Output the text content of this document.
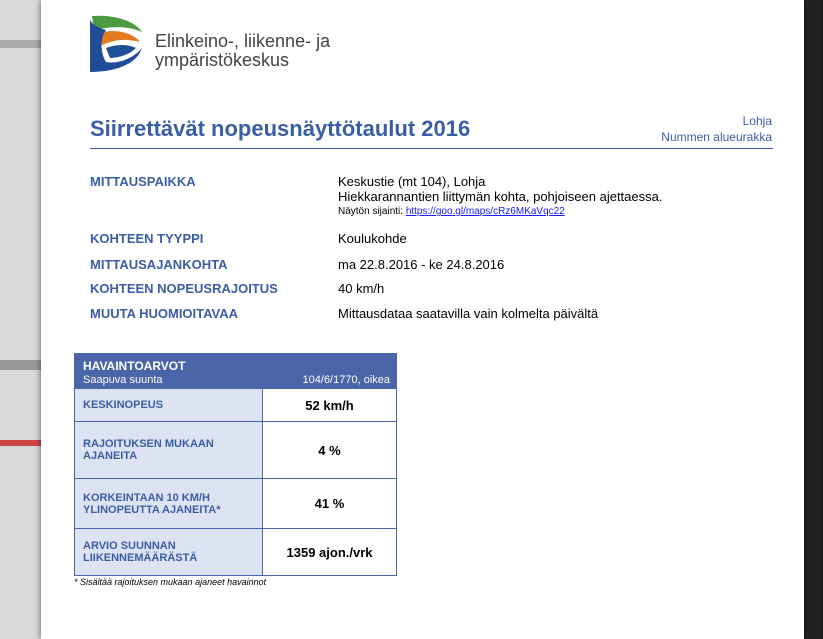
Elinkeino-, liikenne- ja
ympäristökeskus
Siirrettävät nopeusnäyttötaulut 2016	Lohja
Nummen alueurakka
MITTAUSPAIKKA	Keskustie (mt 104), Lohja
Hiekkarannantien liittymän kohta, pohjoiseen ajettaessa.
Näytön sijainti: https://goo.gl/maps/cRz6MKaVqc22
KOHTEEN TYYPPI	Koulukohde
MITTAUSAJANKOHTA	ma 22.8.2016 - ke 24.8.2016
KOHTEEN NOPEUSRAJOITUS	40 km/h
MUUTA HUOMIOITAVAA	Mittausdataa saatavilla vain kolmelta päivältä
HAVAINTOARVOT
Saapuva suunta 104/6/1770, oikea	

KESKINOPEUS	52 km/h
RAJOITUKSEN MUKAAN AJANEITA	4 %
KORKEINTAAN 10 KM/H YLINOPEUTTA AJANEITA*	41 %
ARVIO SUUNNAN LIIKENNEMÄÄRÄSTÄ	1359 ajon./vrk
* Sisältää rajoituksen mukaan ajaneet havainnot
